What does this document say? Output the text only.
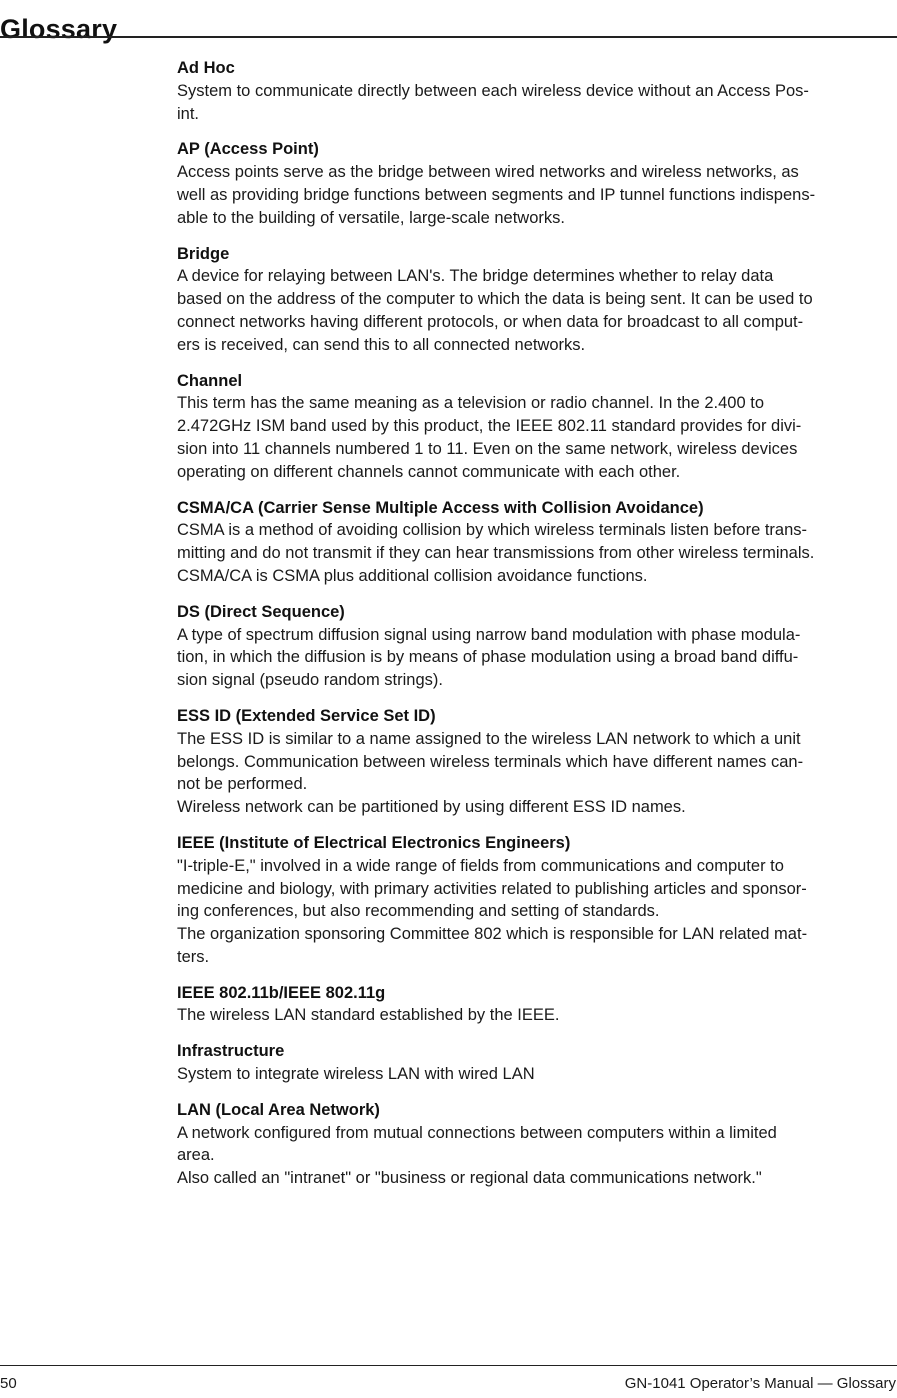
Glossary
Ad Hoc
System to communicate directly between each wireless device without an Access Pos-
int.
AP (Access Point)
Access points serve as the bridge between wired networks and wireless networks, as
well as providing bridge functions between segments and IP tunnel functions indispens-
able to the building of versatile, large-scale networks.
Bridge
A device for relaying between LAN's. The bridge determines whether to relay data
based on the address of the computer to which the data is being sent. It can be used to
connect networks having different protocols, or when data for broadcast to all comput-
ers is received, can send this to all connected networks.
Channel
This term has the same meaning as a television or radio channel. In the 2.400 to
2.472GHz ISM band used by this product, the IEEE 802.11 standard provides for divi-
sion into 11 channels numbered 1 to 11. Even on the same network, wireless devices
operating on different channels cannot communicate with each other.
CSMA/CA (Carrier Sense Multiple Access with Collision Avoidance)
CSMA is a method of avoiding collision by which wireless terminals listen before trans-
mitting and do not transmit if they can hear transmissions from other wireless terminals.
CSMA/CA is CSMA plus additional collision avoidance functions.
DS (Direct Sequence)
A type of spectrum diffusion signal using narrow band modulation with phase modula-
tion, in which the diffusion is by means of phase modulation using a broad band diffu-
sion signal (pseudo random strings).
ESS ID (Extended Service Set ID)
The ESS ID is similar to a name assigned to the wireless LAN network to which a unit
belongs. Communication between wireless terminals which have different names can-
not be performed.
Wireless network can be partitioned by using different ESS ID names.
IEEE (Institute of Electrical Electronics Engineers)
"I-triple-E," involved in a wide range of fields from communications and computer to
medicine and biology, with primary activities related to publishing articles and sponsor-
ing conferences, but also recommending and setting of standards.
The organization sponsoring Committee 802 which is responsible for LAN related mat-
ters.
IEEE 802.11b/IEEE 802.11g
The wireless LAN standard established by the IEEE.
Infrastructure
System to integrate wireless LAN with wired LAN
LAN (Local Area Network)
A network configured from mutual connections between computers within a limited
area.
Also called an "intranet" or "business or regional data communications network."
50	GN-1041 Operator’s Manual — Glossary
